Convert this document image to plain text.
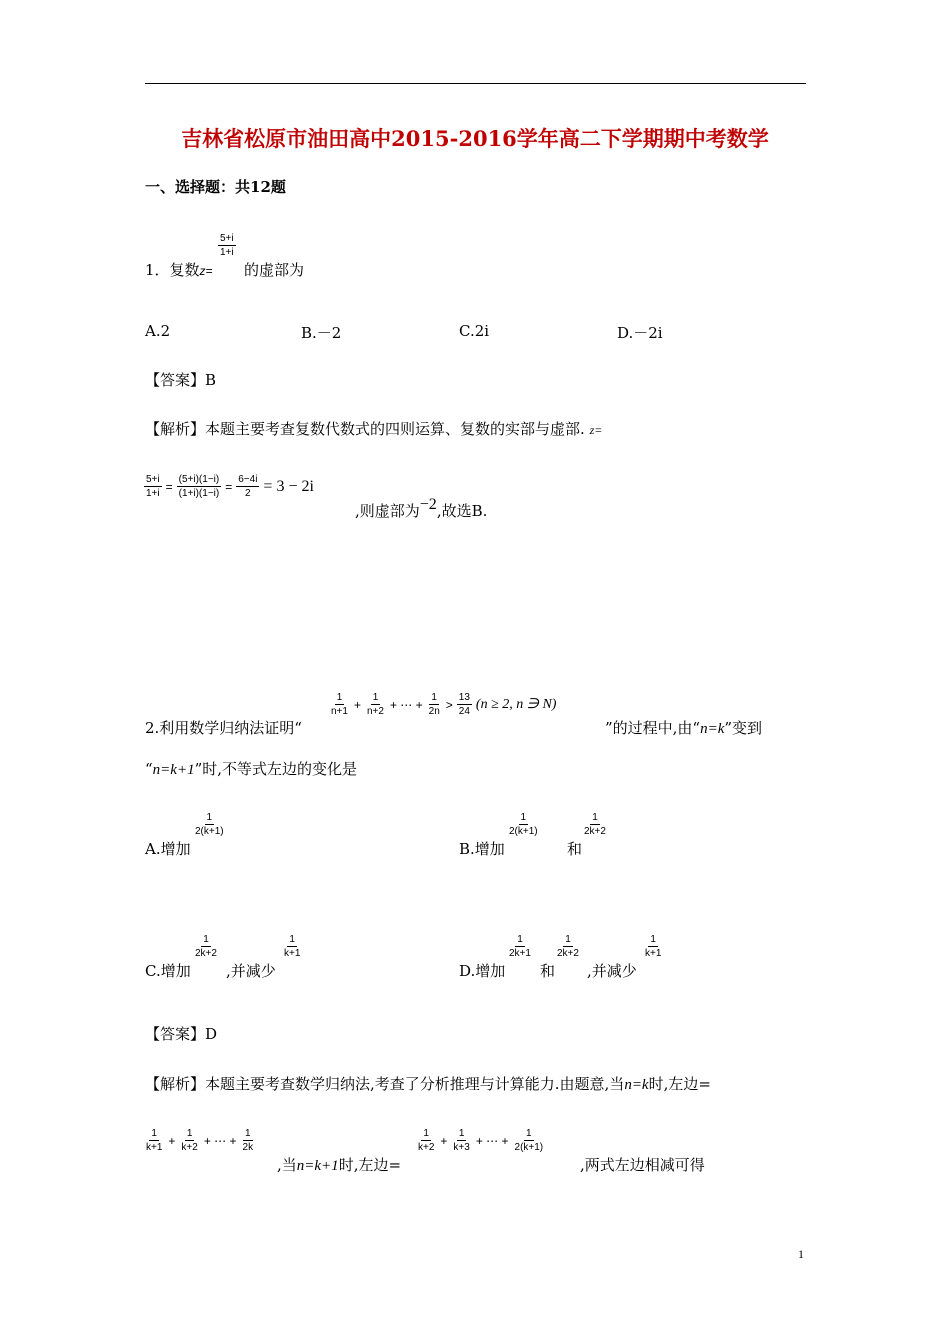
吉林省松原市油田高中2015-2016学年高二下学期期中考数学
一、选择题：共12题
1．复数z=
$\frac{5+i}{1+i}$
的虚部为
A.2	B.－2	C.2i	D.－2i
【答案】B
【解析】本题主要考查复数代数式的四则运算、复数的实部与虚部. z=
$\frac{5+i}{1+i} = \frac{(5+i)(1-i)}{(1+i)(1-i)} = \frac{6-4i}{2} = 3 - 2i$
,则虚部为−2,故选B.
2.利用数学归纳法证明“
$\frac{1}{n+1} + \frac{1}{n+2}$ + ⋯ + $\frac{1}{2n} > \frac{13}{24} (n \ge 2$, n ∋ N)
”的过程中,由“n=k”变到
“n=k+1”时,不等式左边的变化是
A.增加
$\frac{1}{2(k+1)}$
B.增加
$\frac{1}{2(k+1)}$
和
$\frac{1}{2k+2}$
C.增加
$\frac{1}{2k+2}$
,并减少
$\frac{1}{k+1}$
D.增加
$\frac{1}{2k+1}$
和
$\frac{1}{2k+2}$
,并减少
$\frac{1}{k+1}$
【答案】D
【解析】本题主要考查数学归纳法,考查了分析推理与计算能力.由题意,当n=k时,左边=
$\frac{1}{k+1} + \frac{1}{k+2}$ + ⋯ + $\frac{1}{2k}$
,当n=k+1时,左边=
$\frac{1}{k+2} + \frac{1}{k+3}$ + ⋯ + $\frac{1}{2(k+1)}$
,两式左边相减可得
1
